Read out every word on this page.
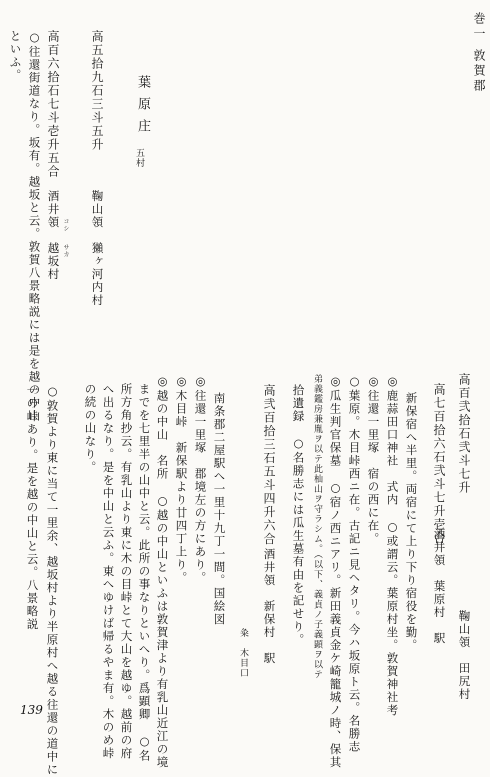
巻一 敦賀郡
高百弐拾石弐斗七升
鞠山領　田尻村
高七百拾六石弐斗七升壱合
酒井領　葉原村　駅
新保宿へ半里。両宿にて上り下り宿役を勤。
◎鹿蒜田口神社　式内　○或謂云。葉原村坐。敦賀神社考
◎往還一里塚　宿の西に在。
○葉原。木目峠西ニ在。古記ニ見ヘタリ。今ハ坂原ト云。名勝志
◎瓜生判官保墓　○宿ノ西ニアリ。新田義貞金ケ崎籠城ノ時、保其
弟義鑑房兼胤ヲ以テ此杣山ヲ守ラシム。（以下、義貞ノ子義顕ヲ以テ
拾遺録　○名勝志には瓜生墓有由を記せり。
高弐百拾三石五斗四升六合
酒井領　新保村　駅
粂　木目口
南条郡二屋駅へ一里十九丁一間。国絵図
◎往還一里塚　郡境左の方にあり。
◎木目峠　新保駅より廿四丁上り。
◎越の中山　名所　○越の中山といふは敦賀津より有乳山近江の境
までを七里半の山中と云。此所の事なりといへり。爲顕卿　○名
所方角抄云。有乳山より東に木の目峠とて大山を越ゆ。越前の府
へ出るなり。是を中山と云ふ。東へゆけば帰るやま有。木のめ峠
の続の山なり。
○敦賀より東に当て一里余、越坂村より半原村へ越る往還の道中に
一の峠あり。是を越の中山と云。八景略説
葉原庄
五村
高五拾九石三斗五升
鞠山領　獺ヶ河内村
高百六拾石七斗壱升五合
酒井領　越坂村
○往還街道なり。坂有。越坂と云。敦賀八景略説には是を越の中山
といふ。
コシ
サカ
139
